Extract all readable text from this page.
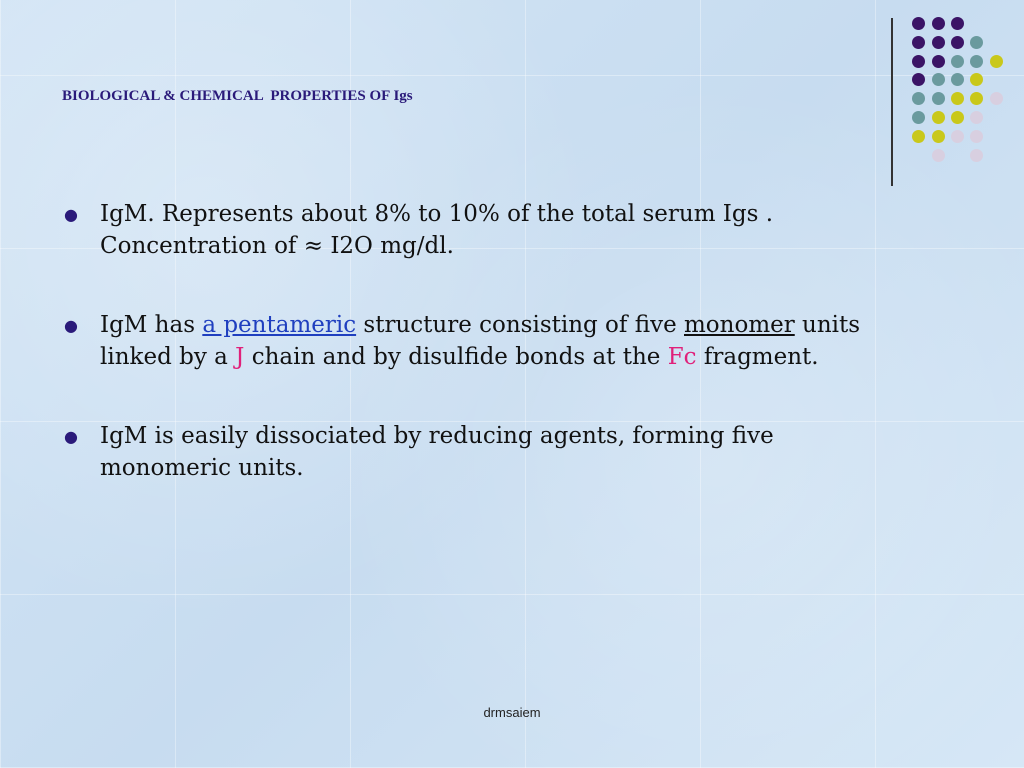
BIOLOGICAL & CHEMICAL  PROPERTIES OF Igs
● IgM. Represents about 8% to 10% of the total serum Igs .
Concentration of ≈ I2O mg/dl.
● IgM has a pentameric structure consisting of five monomer units linked by a J chain and by disulfide bonds at the Fc fragment.
● IgM is easily dissociated by reducing agents, forming five monomeric units.
drmsaiem
